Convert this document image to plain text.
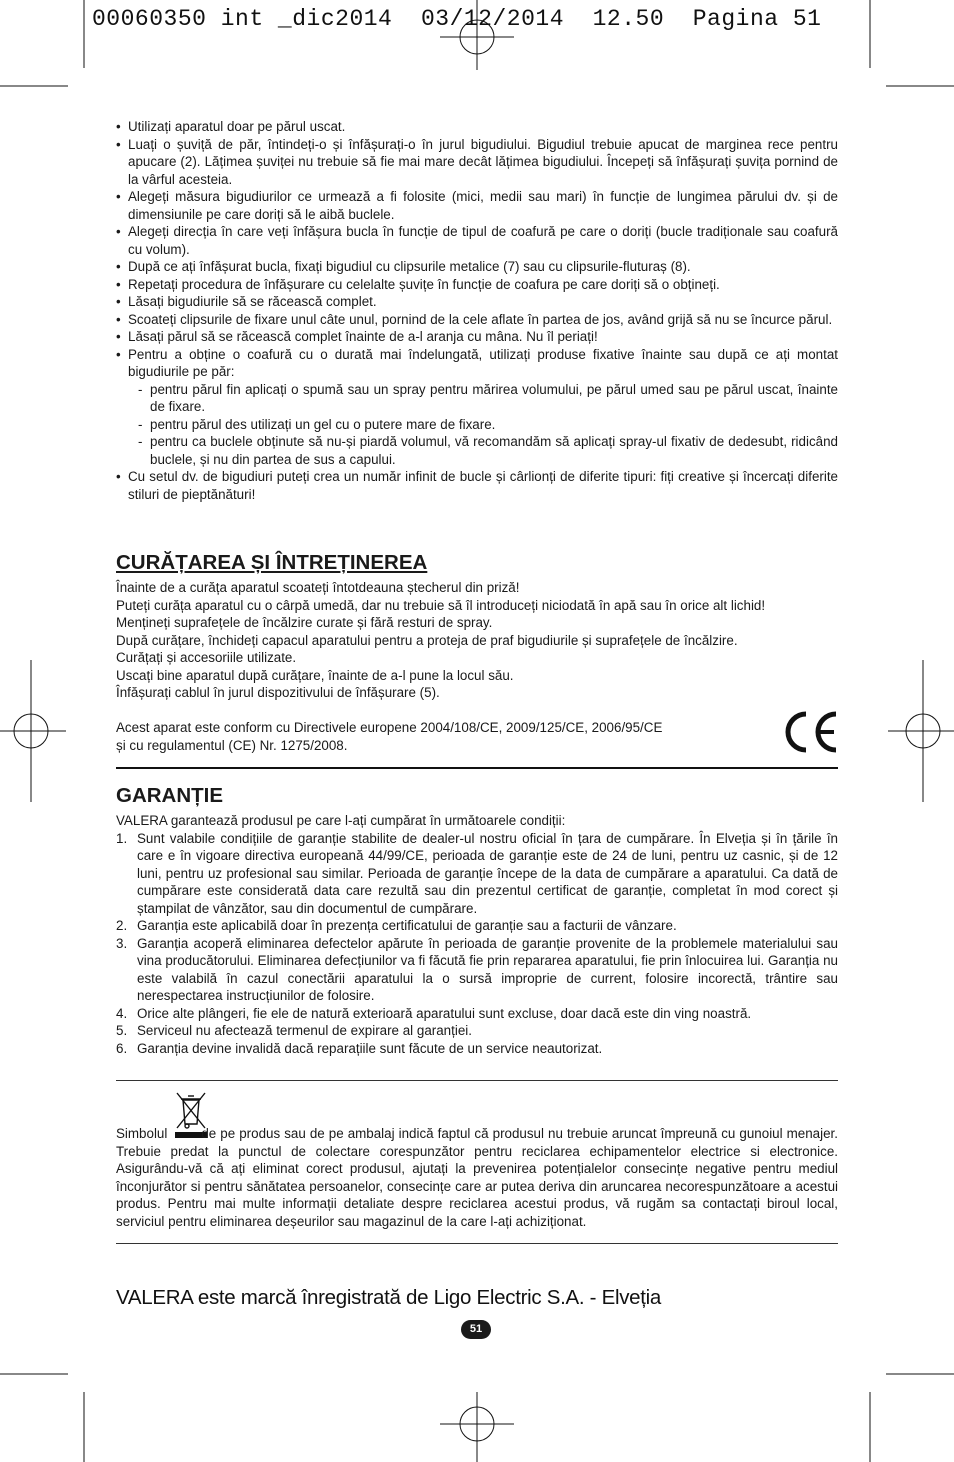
00060350 int _dic2014 03/12/2014 12.50 Pagina 51
• Utilizați aparatul doar pe părul uscat.
• Luați o șuviță de păr, întindeți-o și înfășurați-o în jurul bigudiului. Bigudiul trebuie apucat de marginea rece pentru apucare (2). Lățimea șuviței nu trebuie să fie mai mare decât lățimea bigudiului. Începeți să înfășurați șuvița pornind de la vârful acesteia.
• Alegeți măsura bigudiurilor ce urmează a fi folosite (mici, medii sau mari) în funcție de lungimea părului dv. și de dimensiunile pe care doriți să le aibă buclele.
• Alegeți direcția în care veți înfășura bucla în funcție de tipul de coafură pe care o doriți (bucle tradiționale sau coafură cu volum).
• După ce ați înfășurat bucla, fixați bigudiul cu clipsurile metalice (7) sau cu clipsurile-fluturaș (8).
• Repetați procedura de înfășurare cu celelalte șuvițe în funcție de coafura pe care doriți să o obțineți.
• Lăsați bigudiurile să se răcească complet.
• Scoateți clipsurile de fixare unul câte unul, pornind de la cele aflate în partea de jos, având grijă să nu se încurce părul.
• Lăsați părul să se răcească complet înainte de a-l aranja cu mâna. Nu îl periați!
• Pentru a obține o coafură cu o durată mai îndelungată, utilizați produse fixative înainte sau după ce ați montat bigudiurile pe păr:
- pentru părul fin aplicați o spumă sau un spray pentru mărirea volumului, pe părul umed sau pe părul uscat, înainte de fixare.
- pentru părul des utilizați un gel cu o putere mare de fixare.
- pentru ca buclele obținute să nu-și piardă volumul, vă recomandăm să aplicați spray-ul fixativ de dedesubt, ridicând buclele, și nu din partea de sus a capului.
• Cu setul dv. de bigudiuri puteți crea un număr infinit de bucle și cârlionți de diferite tipuri: fiți creative și încercați diferite stiluri de pieptănături!
CURĂȚAREA ȘI ÎNTREȚINEREA

Înainte de a curăța aparatul scoateți întotdeauna ștecherul din priză!

Puteți curăța aparatul cu o cârpă umedă, dar nu trebuie să îl introduceți niciodată în apă sau în orice alt lichid!

Mențineți suprafețele de încălzire curate și fără resturi de spray.

După curățare, închideți capacul aparatului pentru a proteja de praf bigudiurile și suprafețele de încălzire.

Curățați și accesoriile utilizate.

Uscați bine aparatul după curățare, înainte de a-l pune la locul său.

Înfășurați cablul în jurul dispozitivului de înfășurare (5).

Acest aparat este conform cu Directivele europene 2004/108/CE, 2009/125/CE, 2006/95/CE

și cu regulamentul (CE) Nr. 1275/2008.

GARANȚIE

VALERA garantează produsul pe care l-ați cumpărat în următoarele condiții:

1. Sunt valabile condițiile de garanție stabilite de dealer-ul nostru oficial în țara de cumpărare. În Elveția și în țările în care e în vigoare directiva europeană 44/99/CE, perioada de garanție este de 24 de luni, pentru uz casnic, și de 12 luni, pentru uz profesional sau similar. Perioada de garanție începe de la data de cumpărare a aparatului. Ca dată de cumpărare este considerată data care rezultă sau din prezentul certificat de garanție, completat în mod corect și ștampilat de vânzător, sau din documentul de cumpărare.
2. Garanția este aplicabilă doar în prezența certificatului de garanție sau a facturii de vânzare.
3. Garanția acoperă eliminarea defectelor apărute în perioada de garanție provenite de la problemele materialului sau vina producătorului. Eliminarea defecțiunilor va fi făcută fie prin repararea aparatului, fie prin înlocuirea lui. Garanția nu este valabilă în cazul conectării aparatului la o sursă improprie de current, folosire incorectă, trântire sau nerespectarea instrucțiunilor de folosire.
4. Orice alte plângeri, fie ele de natură exterioară aparatului sunt excluse, doar dacă este din ving noastră.
5. Serviceul nu afectează termenul de expirare al garanției.
6. Garanția devine invalidă dacă reparațiile sunt făcute de un service neautorizat.
Simbolul	de pe produs sau de pe ambalaj indică faptul că produsul nu trebuie aruncat împreună cu gunoiul menajer. Trebuie predat la punctul de colectare corespunzător pentru reciclarea echipamentelor electrice si electronice. Asigurându-vă că ați eliminat corect produsul, ajutați la prevenirea potențialelor consecințe negative pentru mediul înconjurător si pentru sănătatea persoanelor, consecințe care ar putea deriva din aruncarea necorespunzătoare a acestui produs. Pentru mai multe informații detaliate despre reciclarea acestui produs, vă rugăm sa contactați biroul local, serviciul pentru eliminarea deșeurilor sau magazinul de la care l-ați achiziționat.
VALERA este marcă înregistrată de Ligo Electric S.A. - Elveția
51
